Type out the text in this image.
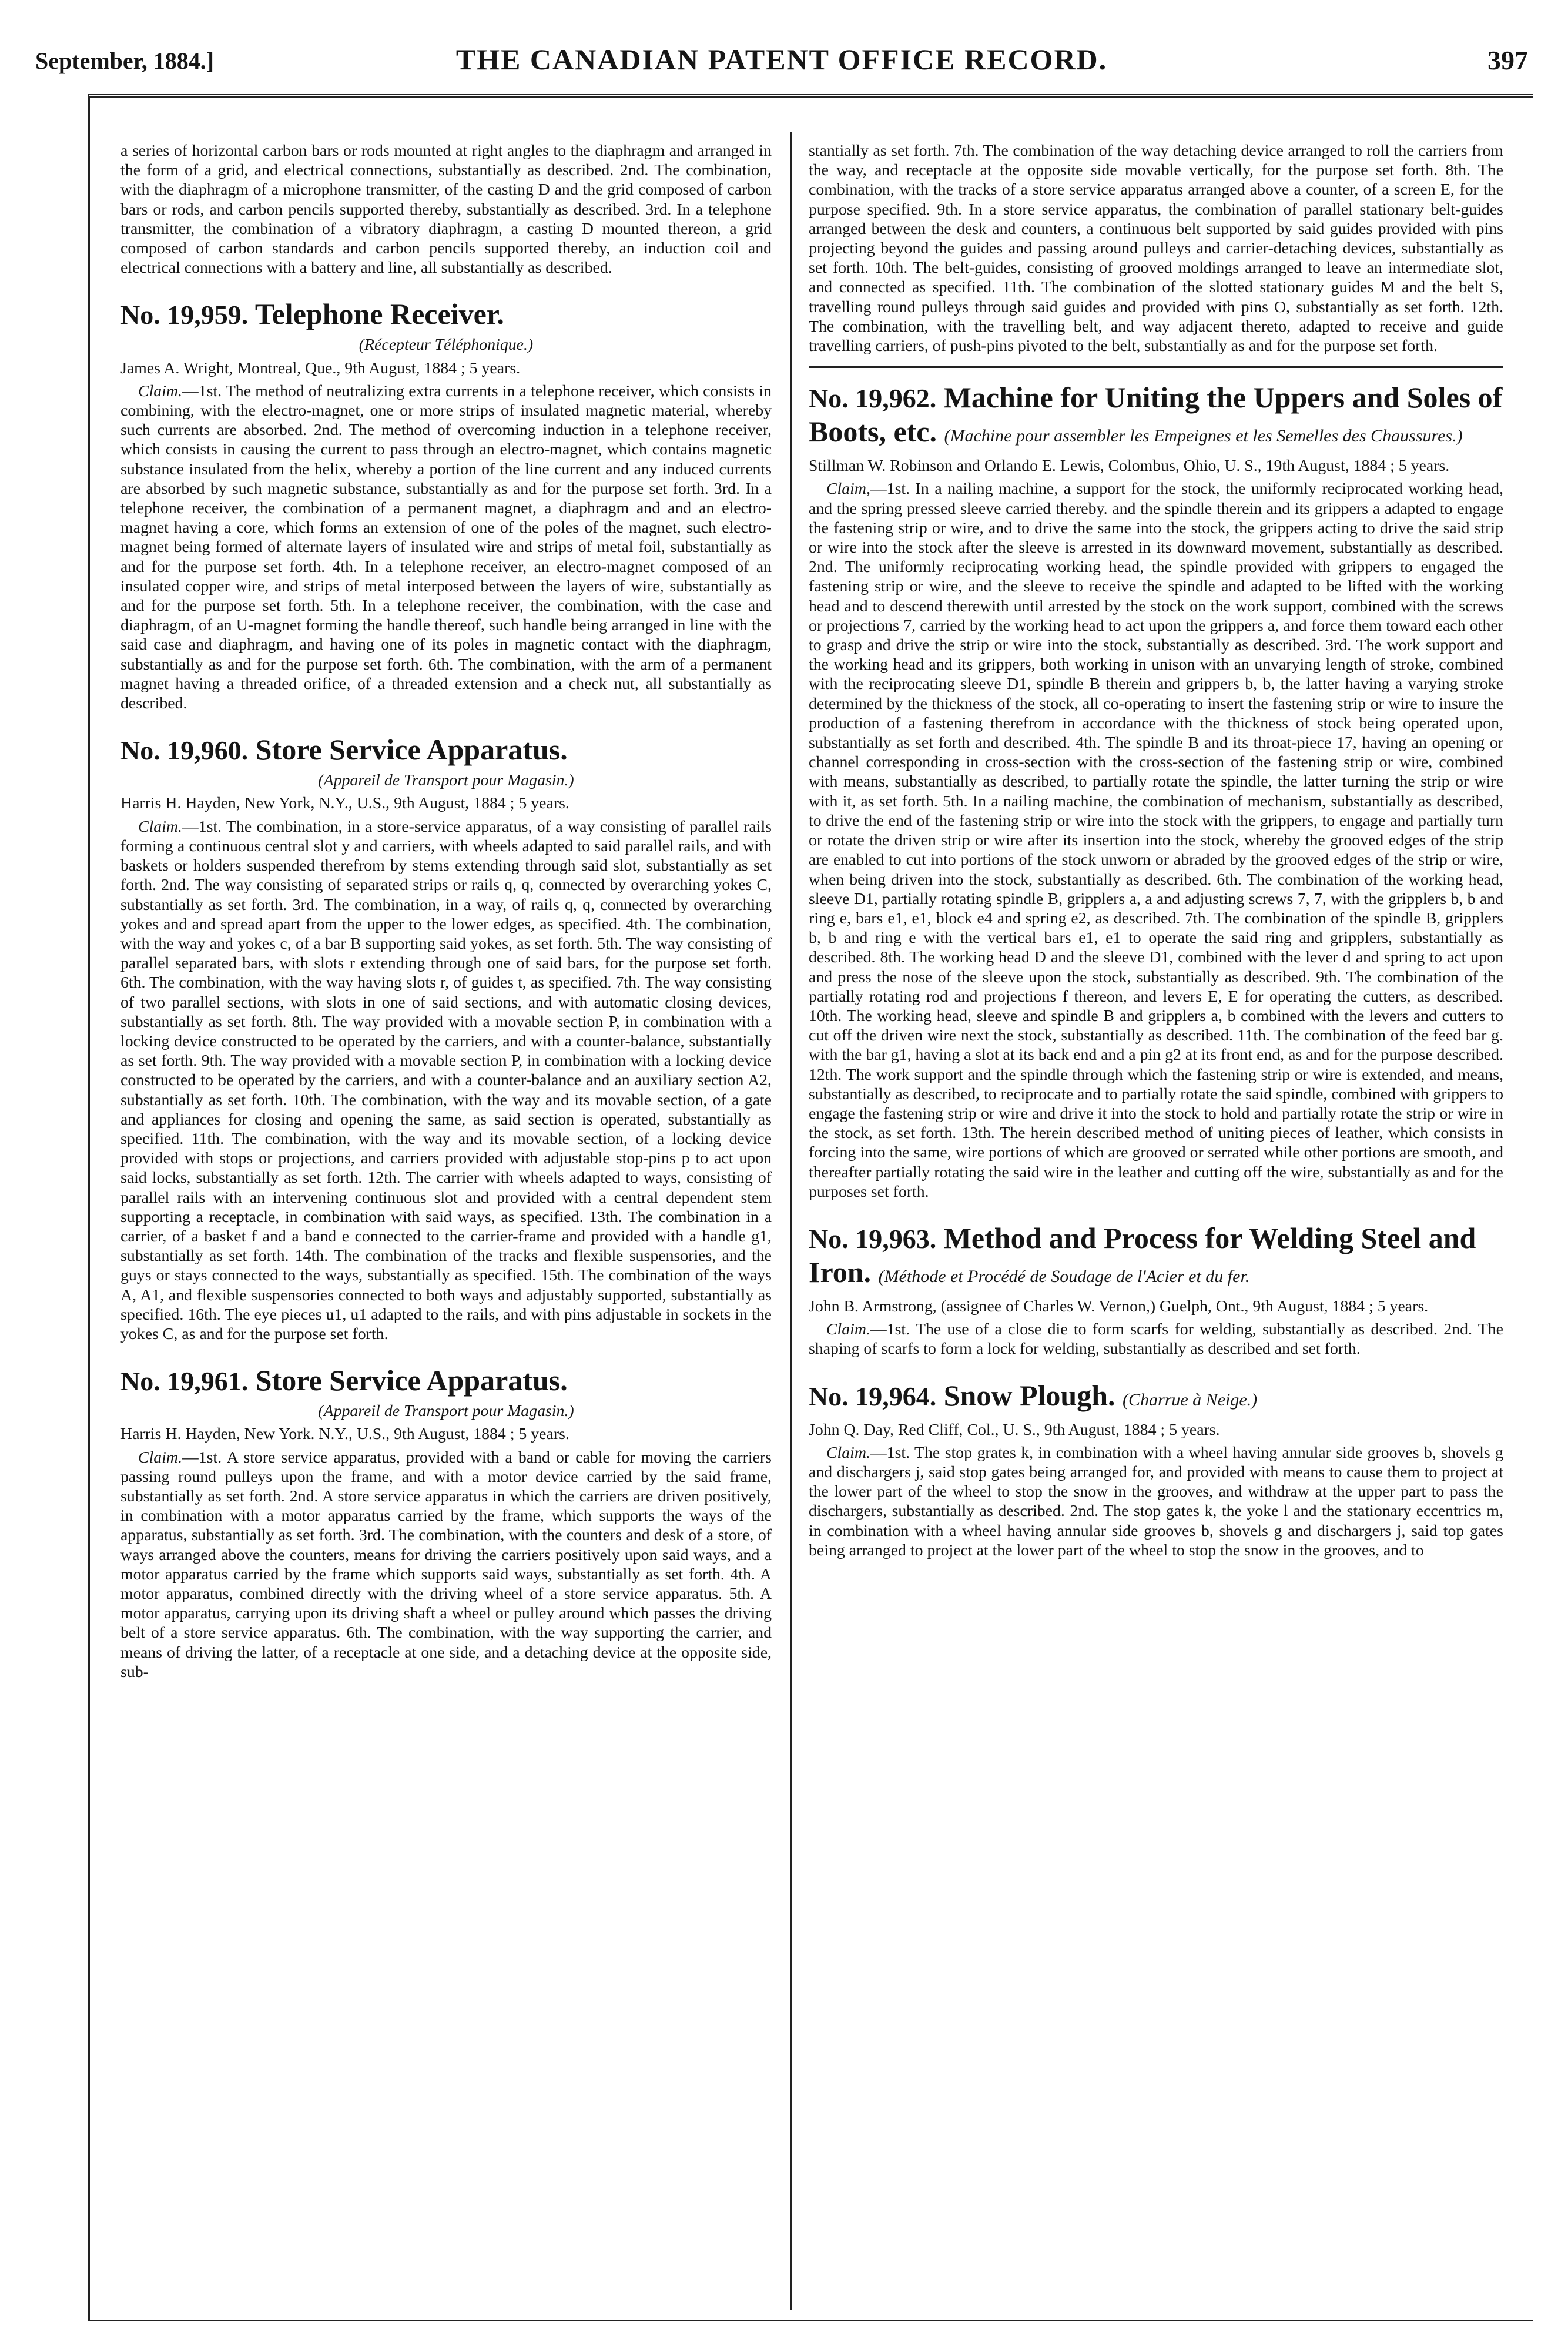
September, 1884.]	THE CANADIAN PATENT OFFICE RECORD.	397

a series of horizontal carbon bars or rods mounted at right angles to the diaphragm and arranged in the form of a grid, and electrical connections, substantially as described. 2nd. The combination, with the diaphragm of a microphone transmitter, of the casting D and the grid composed of carbon bars or rods, and carbon pencils supported thereby, substantially as described. 3rd. In a telephone transmitter, the combination of a vibratory diaphragm, a casting D mounted thereon, a grid composed of carbon standards and carbon pencils supported thereby, an induction coil and electrical connections with a battery and line, all substantially as described.

No. 19,959. Telephone Receiver.

(Récepteur Téléphonique.)

James A. Wright, Montreal, Que., 9th August, 1884 ; 5 years.

Claim.—1st. The method of neutralizing extra currents in a telephone receiver, which consists in combining, with the electro-magnet, one or more strips of insulated magnetic material, whereby such currents are absorbed. 2nd. The method of overcoming induction in a telephone receiver, which consists in causing the current to pass through an electro-magnet, which contains magnetic substance insulated from the helix, whereby a portion of the line current and any induced currents are absorbed by such magnetic substance, substantially as and for the purpose set forth. 3rd. In a telephone receiver, the combination of a permanent magnet, a diaphragm and and an electro-magnet having a core, which forms an extension of one of the poles of the magnet, such electro-magnet being formed of alternate layers of insulated wire and strips of metal foil, substantially as and for the purpose set forth. 4th. In a telephone receiver, an electro-magnet composed of an insulated copper wire, and strips of metal interposed between the layers of wire, substantially as and for the purpose set forth. 5th. In a telephone receiver, the combination, with the case and diaphragm, of an U-magnet forming the handle thereof, such handle being arranged in line with the said case and diaphragm, and having one of its poles in magnetic contact with the diaphragm, substantially as and for the purpose set forth. 6th. The combination, with the arm of a permanent magnet having a threaded orifice, of a threaded extension and a check nut, all substantially as described.

No. 19,960. Store Service Apparatus.

(Appareil de Transport pour Magasin.)

Harris H. Hayden, New York, N.Y., U.S., 9th August, 1884 ; 5 years.

Claim.—1st. The combination, in a store-service apparatus, of a way consisting of parallel rails forming a continuous central slot y and carriers, with wheels adapted to said parallel rails, and with baskets or holders suspended therefrom by stems extending through said slot, substantially as set forth. 2nd. The way consisting of separated strips or rails q, q, connected by overarching yokes C, substantially as set forth. 3rd. The combination, in a way, of rails q, q, connected by overarching yokes and and spread apart from the upper to the lower edges, as specified. 4th. The combination, with the way and yokes c, of a bar B supporting said yokes, as set forth. 5th. The way consisting of parallel separated bars, with slots r extending through one of said bars, for the purpose set forth. 6th. The combination, with the way having slots r, of guides t, as specified. 7th. The way consisting of two parallel sections, with slots in one of said sections, and with automatic closing devices, substantially as set forth. 8th. The way provided with a movable section P, in combination with a locking device constructed to be operated by the carriers, and with a counter-balance, substantially as set forth. 9th. The way provided with a movable section P, in combination with a locking device constructed to be operated by the carriers, and with a counter-balance and an auxiliary section A2, substantially as set forth. 10th. The combination, with the way and its movable section, of a gate and appliances for closing and opening the same, as said section is operated, substantially as specified. 11th. The combination, with the way and its movable section, of a locking device provided with stops or projections, and carriers provided with adjustable stop-pins p to act upon said locks, substantially as set forth. 12th. The carrier with wheels adapted to ways, consisting of parallel rails with an intervening continuous slot and provided with a central dependent stem supporting a receptacle, in combination with said ways, as specified. 13th. The combination in a carrier, of a basket f and a band e connected to the carrier-frame and provided with a handle g1, substantially as set forth. 14th. The combination of the tracks and flexible suspensories, and the guys or stays connected to the ways, substantially as specified. 15th. The combination of the ways A, A1, and flexible suspensories connected to both ways and adjustably supported, substantially as specified. 16th. The eye pieces u1, u1 adapted to the rails, and with pins adjustable in sockets in the yokes C, as and for the purpose set forth.

No. 19,961. Store Service Apparatus.

(Appareil de Transport pour Magasin.)

Harris H. Hayden, New York. N.Y., U.S., 9th August, 1884 ; 5 years.

Claim.—1st. A store service apparatus, provided with a band or cable for moving the carriers passing round pulleys upon the frame, and with a motor device carried by the said frame, substantially as set forth. 2nd. A store service apparatus in which the carriers are driven positively, in combination with a motor apparatus carried by the frame, which supports the ways of the apparatus, substantially as set forth. 3rd. The combination, with the counters and desk of a store, of ways arranged above the counters, means for driving the carriers positively upon said ways, and a motor apparatus carried by the frame which supports said ways, substantially as set forth. 4th. A motor apparatus, combined directly with the driving wheel of a store service apparatus. 5th. A motor apparatus, carrying upon its driving shaft a wheel or pulley around which passes the driving belt of a store service apparatus. 6th. The combination, with the way supporting the carrier, and means of driving the latter, of a receptacle at one side, and a detaching device at the opposite side, sub-

stantially as set forth. 7th. The combination of the way detaching device arranged to roll the carriers from the way, and receptacle at the opposite side movable vertically, for the purpose set forth. 8th. The combination, with the tracks of a store service apparatus arranged above a counter, of a screen E, for the purpose specified. 9th. In a store service apparatus, the combination of parallel stationary belt-guides arranged between the desk and counters, a continuous belt supported by said guides provided with pins projecting beyond the guides and passing around pulleys and carrier-detaching devices, substantially as set forth. 10th. The belt-guides, consisting of grooved moldings arranged to leave an intermediate slot, and connected as specified. 11th. The combination of the slotted stationary guides M and the belt S, travelling round pulleys through said guides and provided with pins O, substantially as set forth. 12th. The combination, with the travelling belt, and way adjacent thereto, adapted to receive and guide travelling carriers, of push-pins pivoted to the belt, substantially as and for the purpose set forth.

No. 19,962. Machine for Uniting the Uppers and Soles of Boots, etc. (Machine pour assembler les Empeignes et les Semelles des Chaussures.)

Stillman W. Robinson and Orlando E. Lewis, Colombus, Ohio, U. S., 19th August, 1884 ; 5 years.

Claim,—1st. In a nailing machine, a support for the stock, the uniformly reciprocated working head, and the spring pressed sleeve carried thereby. and the spindle therein and its grippers a adapted to engage the fastening strip or wire, and to drive the same into the stock, the grippers acting to drive the said strip or wire into the stock after the sleeve is arrested in its downward movement, substantially as described. 2nd. The uniformly reciprocating working head, the spindle provided with grippers to engaged the fastening strip or wire, and the sleeve to receive the spindle and adapted to be lifted with the working head and to descend therewith until arrested by the stock on the work support, combined with the screws or projections 7, carried by the working head to act upon the grippers a, and force them toward each other to grasp and drive the strip or wire into the stock, substantially as described. 3rd. The work support and the working head and its grippers, both working in unison with an unvarying length of stroke, combined with the reciprocating sleeve D1, spindle B therein and grippers b, b, the latter having a varying stroke determined by the thickness of the stock, all co-operating to insert the fastening strip or wire to insure the production of a fastening therefrom in accordance with the thickness of stock being operated upon, substantially as set forth and described. 4th. The spindle B and its throat-piece 17, having an opening or channel corresponding in cross-section with the cross-section of the fastening strip or wire, combined with means, substantially as described, to partially rotate the spindle, the latter turning the strip or wire with it, as set forth. 5th. In a nailing machine, the combination of mechanism, substantially as described, to drive the end of the fastening strip or wire into the stock with the grippers, to engage and partially turn or rotate the driven strip or wire after its insertion into the stock, whereby the grooved edges of the strip are enabled to cut into portions of the stock unworn or abraded by the grooved edges of the strip or wire, when being driven into the stock, substantially as described. 6th. The combination of the working head, sleeve D1, partially rotating spindle B, gripplers a, a and adjusting screws 7, 7, with the gripplers b, b and ring e, bars e1, e1, block e4 and spring e2, as described. 7th. The combination of the spindle B, gripplers b, b and ring e with the vertical bars e1, e1 to operate the said ring and gripplers, substantially as described. 8th. The working head D and the sleeve D1, combined with the lever d and spring to act upon and press the nose of the sleeve upon the stock, substantially as described. 9th. The combination of the partially rotating rod and projections f thereon, and levers E, E for operating the cutters, as described. 10th. The working head, sleeve and spindle B and gripplers a, b combined with the levers and cutters to cut off the driven wire next the stock, substantially as described. 11th. The combination of the feed bar g. with the bar g1, having a slot at its back end and a pin g2 at its front end, as and for the purpose described. 12th. The work support and the spindle through which the fastening strip or wire is extended, and means, substantially as described, to reciprocate and to partially rotate the said spindle, combined with grippers to engage the fastening strip or wire and drive it into the stock to hold and partially rotate the strip or wire in the stock, as set forth. 13th. The herein described method of uniting pieces of leather, which consists in forcing into the same, wire portions of which are grooved or serrated while other portions are smooth, and thereafter partially rotating the said wire in the leather and cutting off the wire, substantially as and for the purposes set forth.

No. 19,963. Method and Process for Welding Steel and Iron. (Méthode et Procédé de Soudage de l'Acier et du fer.

John B. Armstrong, (assignee of Charles W. Vernon,) Guelph, Ont., 9th August, 1884 ; 5 years.

Claim.—1st. The use of a close die to form scarfs for welding, substantially as described. 2nd. The shaping of scarfs to form a lock for welding, substantially as described and set forth.

No. 19,964. Snow Plough. (Charrue à Neige.)

John Q. Day, Red Cliff, Col., U. S., 9th August, 1884 ; 5 years.

Claim.—1st. The stop grates k, in combination with a wheel having annular side grooves b, shovels g and dischargers j, said stop gates being arranged for, and provided with means to cause them to project at the lower part of the wheel to stop the snow in the grooves, and withdraw at the upper part to pass the dischargers, substantially as described. 2nd. The stop gates k, the yoke l and the stationary eccentrics m, in combination with a wheel having annular side grooves b, shovels g and dischargers j, said top gates being arranged to project at the lower part of the wheel to stop the snow in the grooves, and to
